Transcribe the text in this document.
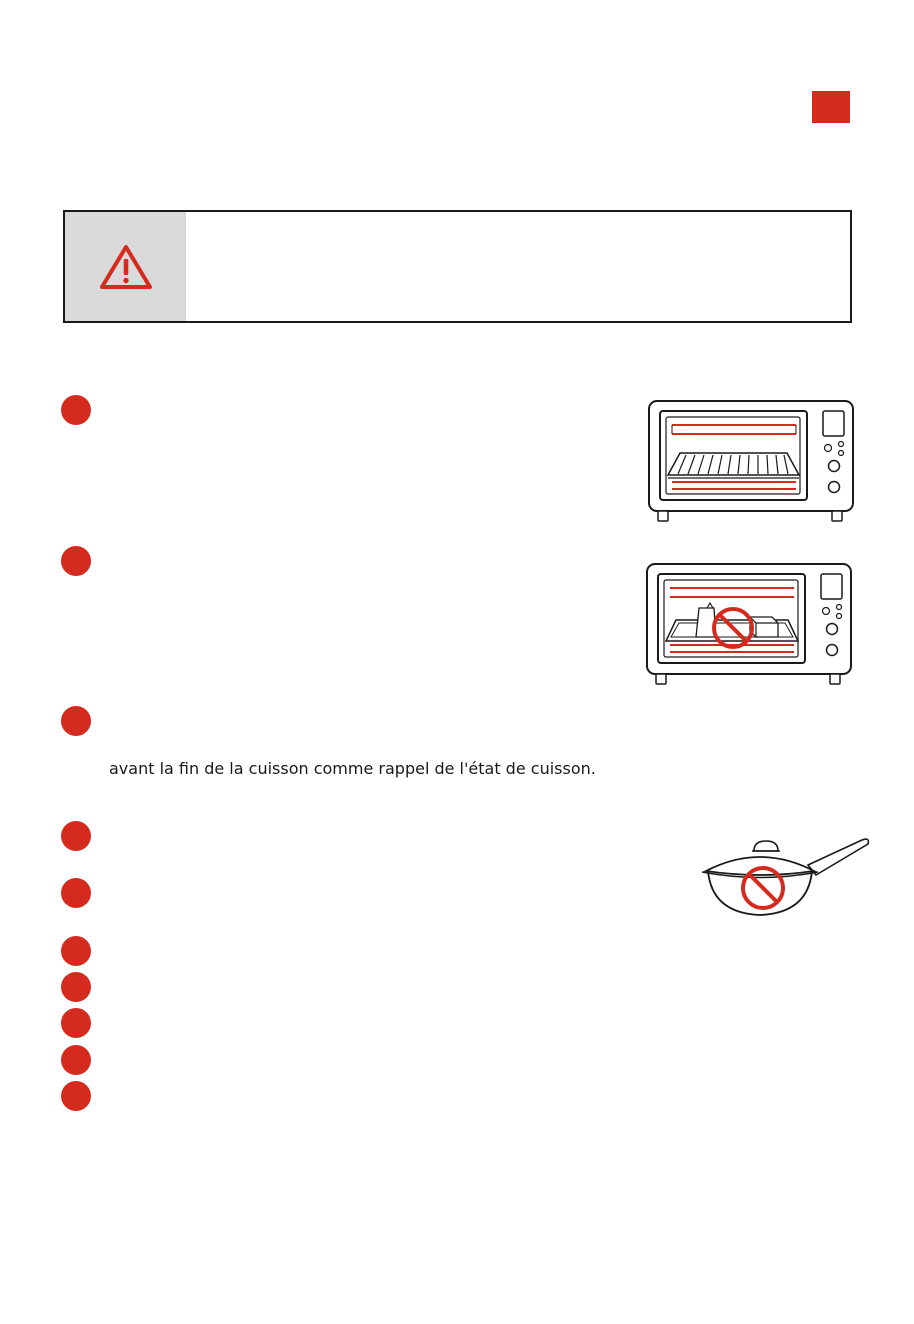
avant la fin de la cuisson comme rappel de l'état de cuisson.
